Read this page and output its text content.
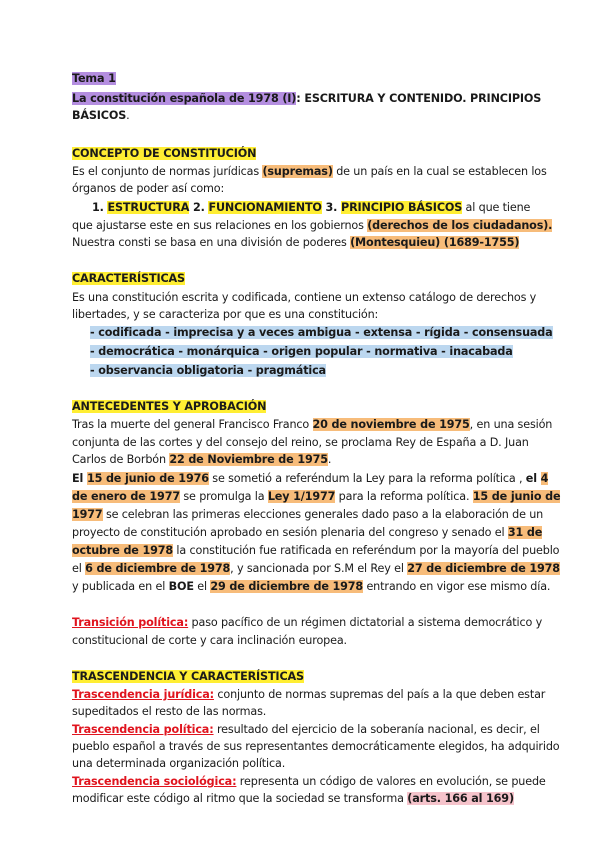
Tema 1
La constitución española de 1978 (I): ESCRITURA Y CONTENIDO. PRINCIPIOS
BÁSICOS.
CONCEPTO DE CONSTITUCIÓN
Es el conjunto de normas jurídicas (supremas) de un país en la cual se establecen los
órganos de poder así como:
1. ESTRUCTURA 2. FUNCIONAMIENTO 3. PRINCIPIO BÁSICOS al que tiene
que ajustarse este en sus relaciones en los gobiernos (derechos de los ciudadanos).
Nuestra consti se basa en una división de poderes (Montesquieu) (1689-1755)
CARACTERÍSTICAS
Es una constitución escrita y codificada, contiene un extenso catálogo de derechos y
libertades, y se caracteriza por que es una constitución:
- codificada - imprecisa y a veces ambigua - extensa - rígida - consensuada
- democrática - monárquica - origen popular - normativa - inacabada
- observancia obligatoria - pragmática
ANTECEDENTES Y APROBACIÓN
Tras la muerte del general Francisco Franco 20 de noviembre de 1975, en una sesión
conjunta de las cortes y del consejo del reino, se proclama Rey de España a D. Juan
Carlos de Borbón 22 de Noviembre de 1975.
El 15 de junio de 1976 se sometió a referéndum la Ley para la reforma política , el 4
de enero de 1977 se promulga la Ley 1/1977 para la reforma política. 15 de junio de
1977 se celebran las primeras elecciones generales dado paso a la elaboración de un
proyecto de constitución aprobado en sesión plenaria del congreso y senado el 31 de
octubre de 1978 la constitución fue ratificada en referéndum por la mayoría del pueblo
el 6 de diciembre de 1978, y sancionada por S.M el Rey el 27 de diciembre de 1978
y publicada en el BOE el 29 de diciembre de 1978 entrando en vigor ese mismo día.
Transición política: paso pacífico de un régimen dictatorial a sistema democrático y
constitucional de corte y cara inclinación europea.
TRASCENDENCIA Y CARACTERÍSTICAS
Trascendencia jurídica: conjunto de normas supremas del país a la que deben estar
supeditados el resto de las normas.
Trascendencia política: resultado del ejercicio de la soberanía nacional, es decir, el
pueblo español a través de sus representantes democráticamente elegidos, ha adquirido
una determinada organización política.
Trascendencia sociológica: representa un código de valores en evolución, se puede
modificar este código al ritmo que la sociedad se transforma (arts. 166 al 169)
